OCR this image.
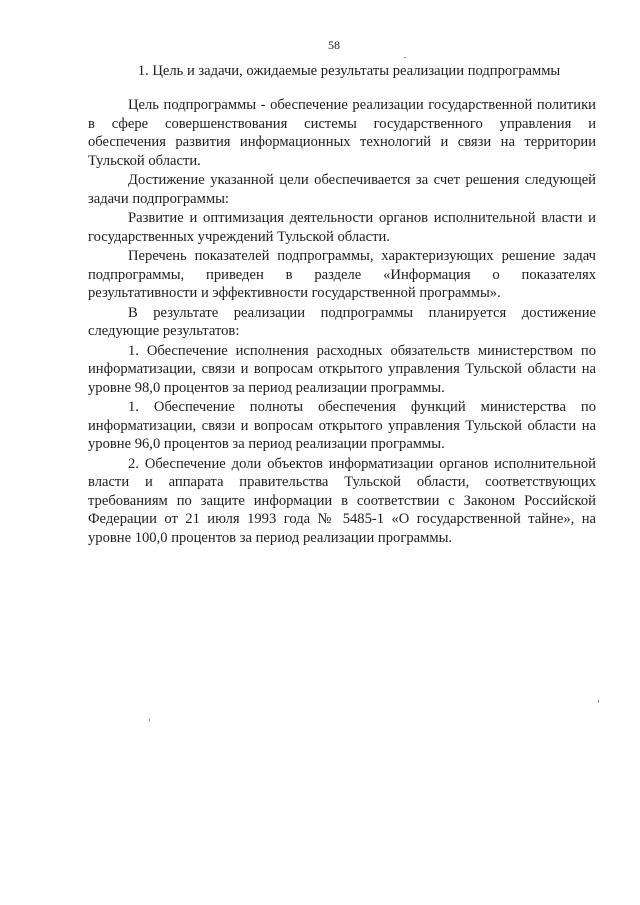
58
1. Цель и задачи, ожидаемые результаты реализации подпрограммы

Цель подпрограммы - обеспечение реализации государственной политики в сфере совершенствования системы государственного управления и обеспечения развития информационных технологий и связи на территории Тульской области.

Достижение указанной цели обеспечивается за счет решения следующей задачи подпрограммы:

Развитие и оптимизация деятельности органов исполнительной власти и государственных учреждений Тульской области.

Перечень показателей подпрограммы, характеризующих решение задач подпрограммы, приведен в разделе «Информация о показателях результативности и эффективности государственной программы».

В результате реализации подпрограммы планируется достижение следующие результатов:

1. Обеспечение исполнения расходных обязательств министерством по информатизации, связи и вопросам открытого управления Тульской области на уровне 98,0 процентов за период реализации программы.

1. Обеспечение полноты обеспечения функций министерства по информатизации, связи и вопросам открытого управления Тульской области на уровне 96,0 процентов за период реализации программы.

2. Обеспечение доли объектов информатизации органов исполнительной власти и аппарата правительства Тульской области, соответствующих требованиям по защите информации в соответствии с Законом Российской Федерации от 21 июля 1993 года № 5485-1 «О государственной тайне», на уровне 100,0 процентов за период реализации программы.
